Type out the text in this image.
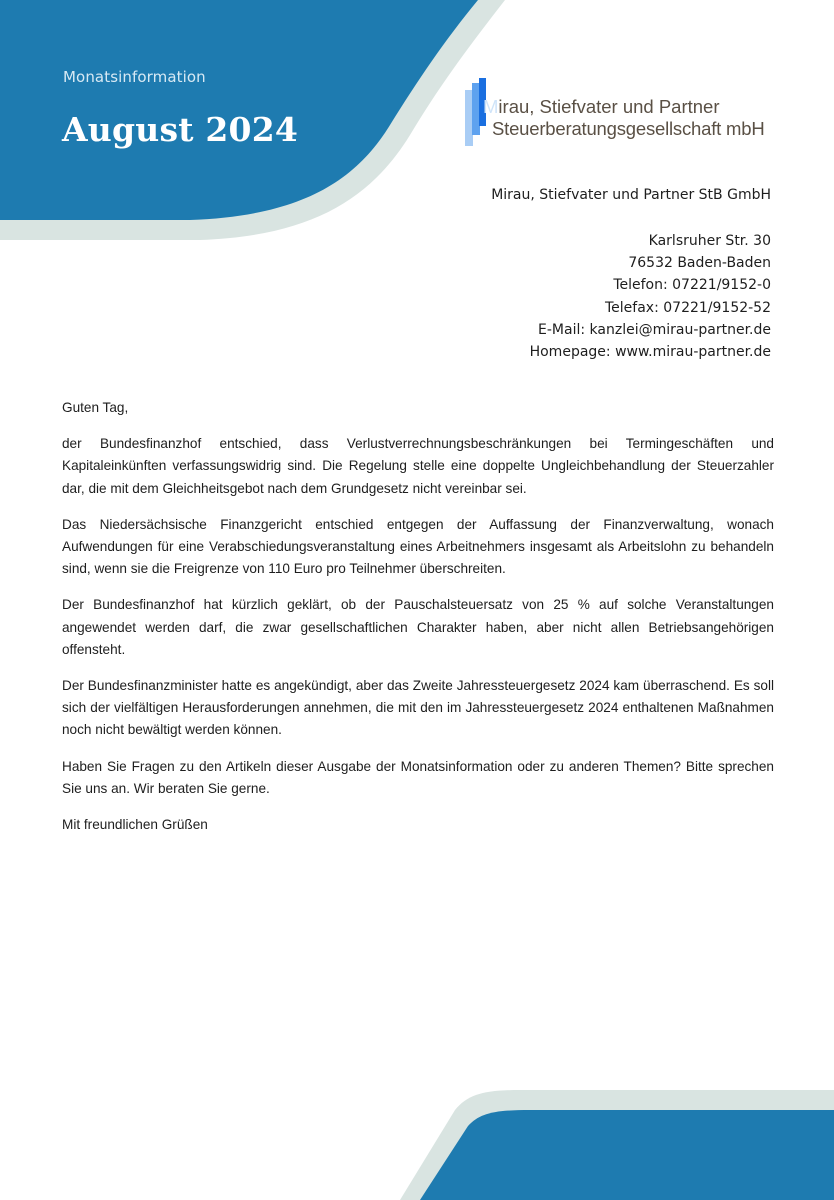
Monatsinformation
August 2024
Mirau, Stiefvater und Partner
Steuerberatungsgesellschaft mbH
Mirau, Stiefvater und Partner StB GmbH
Karlsruher Str. 30
76532 Baden-Baden
Telefon: 07221/9152-0
Telefax: 07221/9152-52
E-Mail: kanzlei@mirau-partner.de
Homepage: www.mirau-partner.de

Guten Tag,

der Bundesfinanzhof entschied, dass Verlustverrechnungsbeschränkungen bei Termingeschäften und Kapitaleinkünften verfassungswidrig sind. Die Regelung stelle eine doppelte Ungleichbehandlung der Steuerzahler dar, die mit dem Gleichheitsgebot nach dem Grundgesetz nicht vereinbar sei.

Das Niedersächsische Finanzgericht entschied entgegen der Auffassung der Finanzverwaltung, wonach Aufwendungen für eine Verabschiedungsveranstaltung eines Arbeitnehmers insgesamt als Arbeitslohn zu behandeln sind, wenn sie die Freigrenze von 110 Euro pro Teilnehmer überschreiten.

Der Bundesfinanzhof hat kürzlich geklärt, ob der Pauschalsteuersatz von 25 % auf solche Veranstaltungen angewendet werden darf, die zwar gesellschaftlichen Charakter haben, aber nicht allen Betriebsangehörigen offensteht.

Der Bundesfinanzminister hatte es angekündigt, aber das Zweite Jahressteuergesetz 2024 kam überraschend. Es soll sich der vielfältigen Herausforderungen annehmen, die mit den im Jahressteuergesetz 2024 enthaltenen Maßnahmen noch nicht bewältigt werden können.

Haben Sie Fragen zu den Artikeln dieser Ausgabe der Monatsinformation oder zu anderen Themen? Bitte sprechen Sie uns an. Wir beraten Sie gerne.

Mit freundlichen Grüßen
